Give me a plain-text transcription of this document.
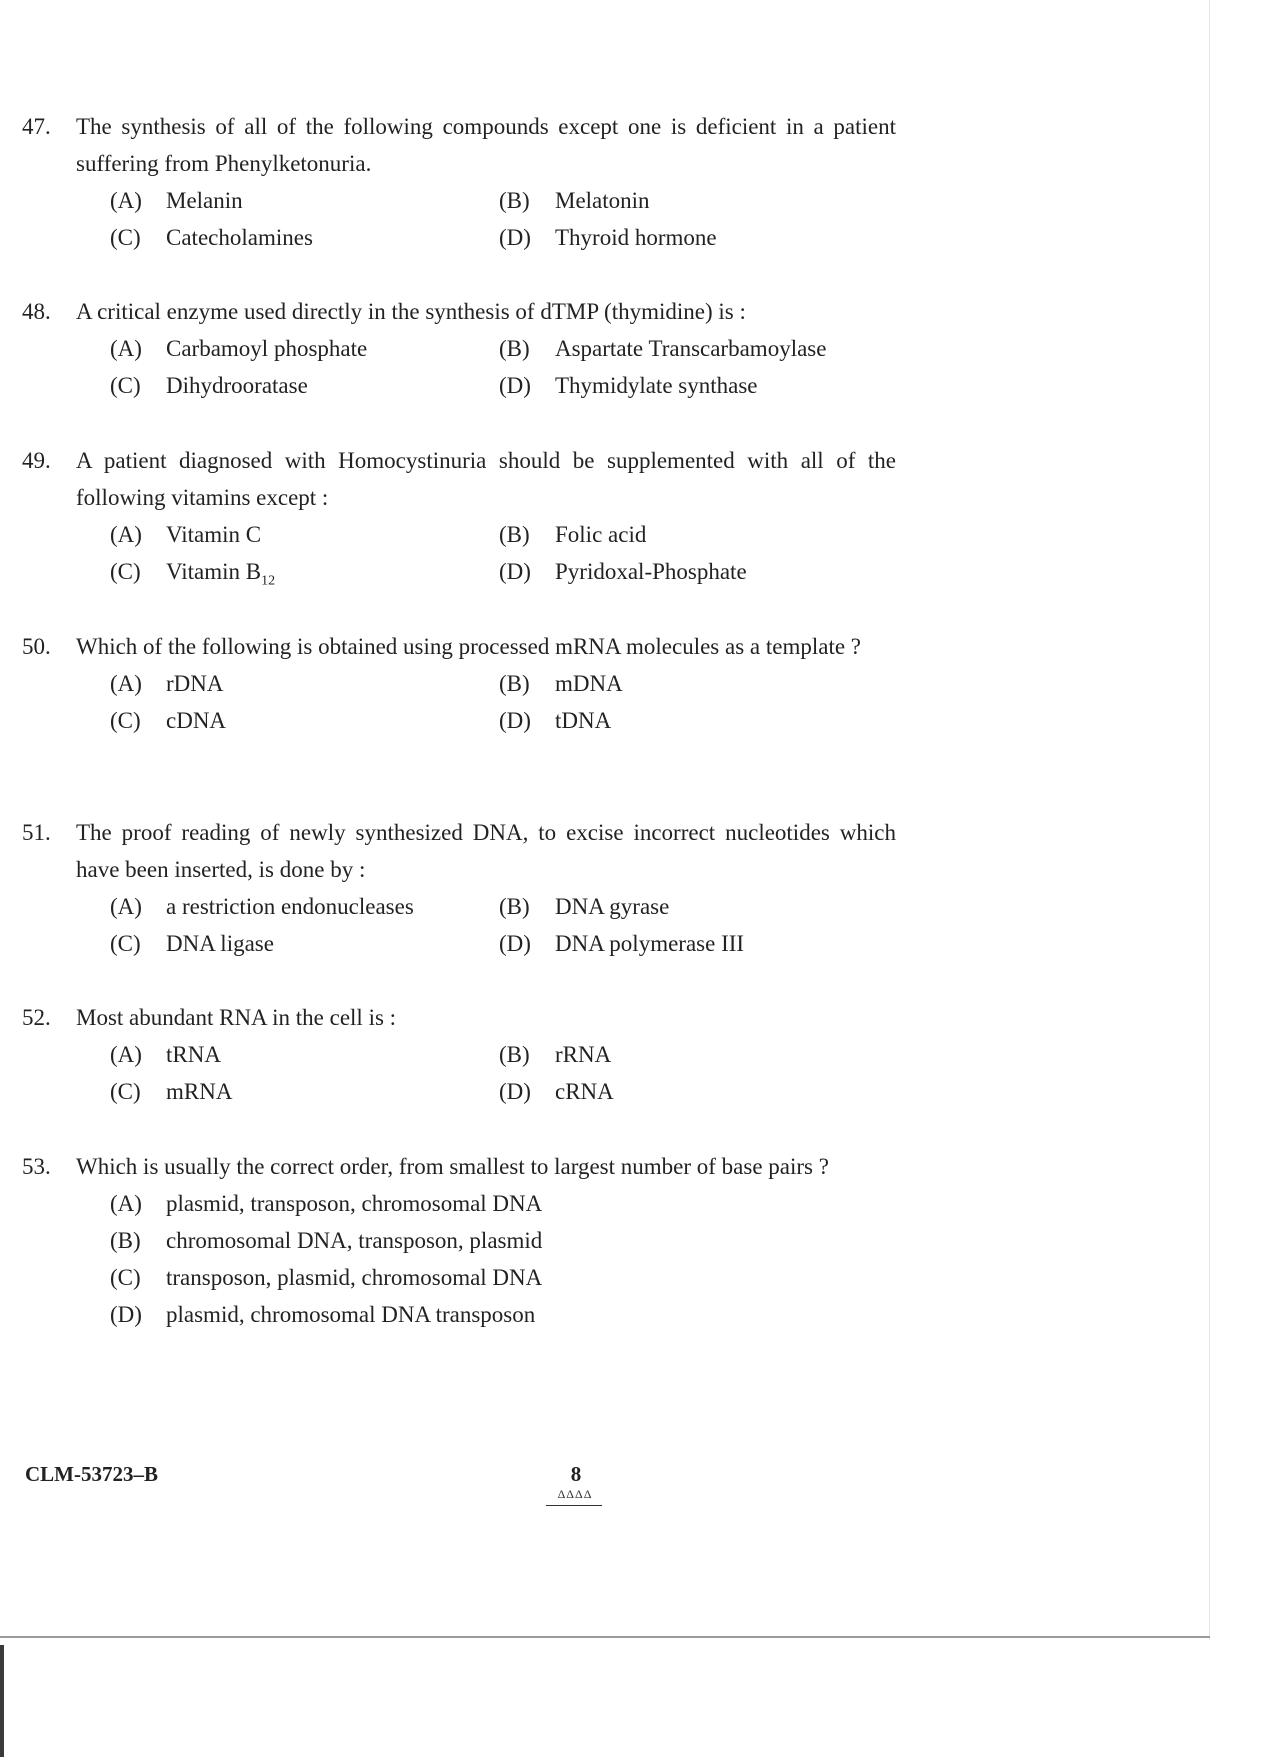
47.	The synthesis of all of the following compounds except one is deficient in a patient suffering from Phenylketonuria.
(A) Melanin	(B) Melatonin
(C) Catecholamines	(D) Thyroid hormone
48.	A critical enzyme used directly in the synthesis of dTMP (thymidine) is :
(A) Carbamoyl phosphate	(B) Aspartate Transcarbamoylase
(C) Dihydrooratase	(D) Thymidylate synthase
49.	A patient diagnosed with Homocystinuria should be supplemented with all of the following vitamins except :
(A) Vitamin C	(B) Folic acid
(C) Vitamin $B_{12}$	(D) Pyridoxal-Phosphate
50.	Which of the following is obtained using processed mRNA molecules as a template ?
(A) rDNA	(B) mDNA
(C) cDNA	(D) tDNA
51.	The proof reading of newly synthesized DNA, to excise incorrect nucleotides which have been inserted, is done by :
(A) a restriction endonucleases	(B) DNA gyrase
(C) DNA ligase	(D) DNA polymerase III
52.	Most abundant RNA in the cell is :
(A) tRNA	(B) rRNA
(C) mRNA	(D) cRNA
53.	Which is usually the correct order, from smallest to largest number of base pairs ?
(A) plasmid, transposon, chromosomal DNA
(B) chromosomal DNA, transposon, plasmid
(C) transposon, plasmid, chromosomal DNA
(D) plasmid, chromosomal DNA transposon
CLM-53723–B	8
ΔΔΔΔ
